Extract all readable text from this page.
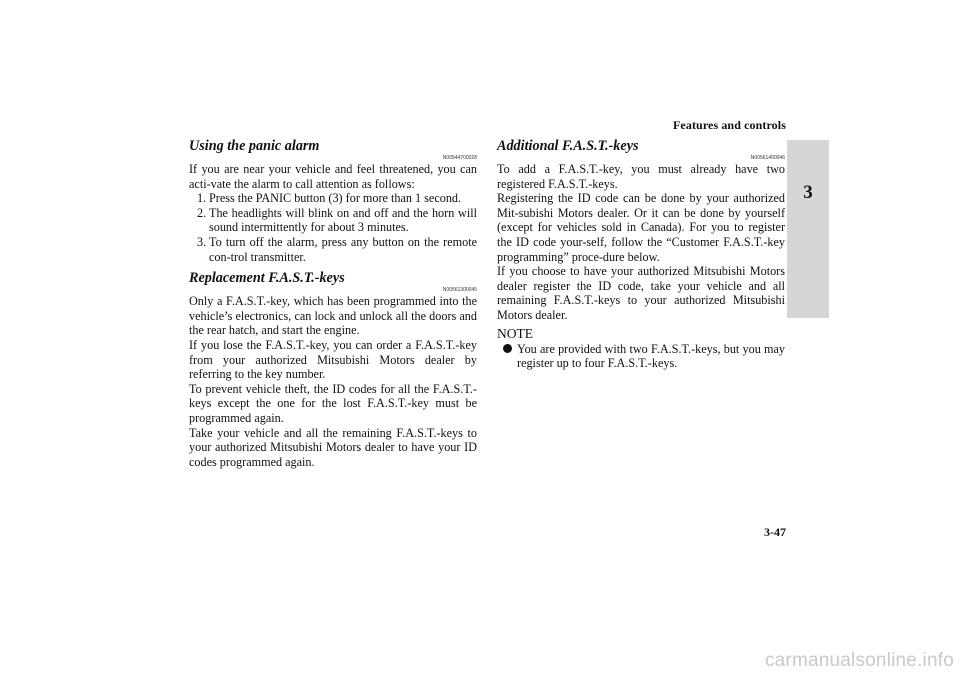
Features and controls
3
Using the panic alarm
N00544700028

If you are near your vehicle and feel threatened, you can acti-vate the alarm to call attention as follows:

1. Press the PANIC button (3) for more than 1 second.
2. The headlights will blink on and off and the horn will sound intermittently for about 3 minutes.
3. To turn off the alarm, press any button on the remote con-trol transmitter.
Replacement F.A.S.T.-keys
N00561300045

Only a F.A.S.T.-key, which has been programmed into the vehicle’s electronics, can lock and unlock all the doors and the rear hatch, and start the engine.

If you lose the F.A.S.T.-key, you can order a F.A.S.T.-key from your authorized Mitsubishi Motors dealer by referring to the key number.

To prevent vehicle theft, the ID codes for all the F.A.S.T.-keys except the one for the lost F.A.S.T.-key must be programmed again.

Take your vehicle and all the remaining F.A.S.T.-keys to your authorized Mitsubishi Motors dealer to have your ID codes programmed again.

Additional F.A.S.T.-keys
N00561400046

To add a F.A.S.T.-key, you must already have two registered F.A.S.T.-keys.

Registering the ID code can be done by your authorized Mit-subishi Motors dealer. Or it can be done by yourself (except for vehicles sold in Canada). For you to register the ID code your-self, follow the “Customer F.A.S.T.-key programming” proce-dure below.

If you choose to have your authorized Mitsubishi Motors dealer register the ID code, take your vehicle and all remaining F.A.S.T.-keys to your authorized Mitsubishi Motors dealer.

NOTE
You are provided with two F.A.S.T.-keys, but you may register up to four F.A.S.T.-keys.
3-47
carmanualsonline.info
